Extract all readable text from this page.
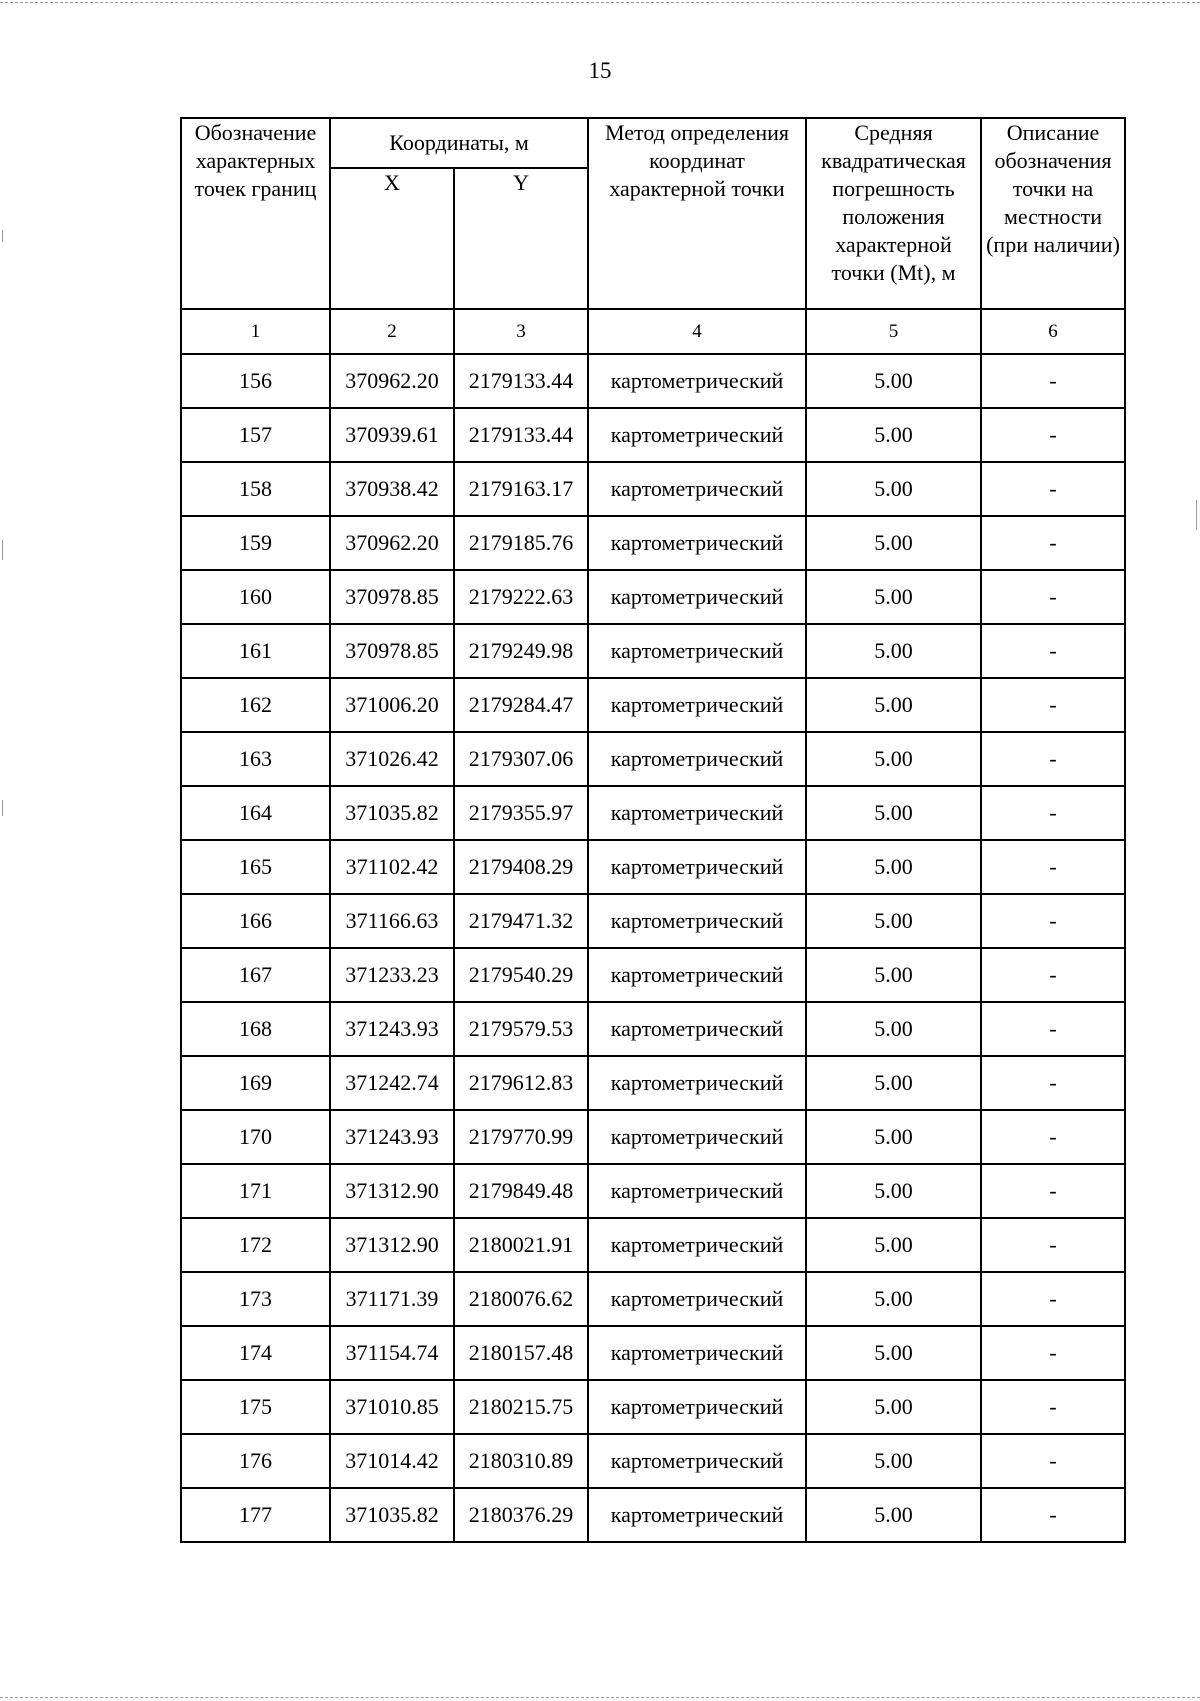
15
Обозначение характерных точек границ	Координаты, м		Метод определения координат характерной точки	Средняя квадратическая погрешность положения характерной точки (Mt), м	Описание обозначения точки на местности (при наличии)
	X	Y			
1	2	3	4	5	6
156	370962.20	2179133.44	картометрический	5.00	-
157	370939.61	2179133.44	картометрический	5.00	-
158	370938.42	2179163.17	картометрический	5.00	-
159	370962.20	2179185.76	картометрический	5.00	-
160	370978.85	2179222.63	картометрический	5.00	-
161	370978.85	2179249.98	картометрический	5.00	-
162	371006.20	2179284.47	картометрический	5.00	-
163	371026.42	2179307.06	картометрический	5.00	-
164	371035.82	2179355.97	картометрический	5.00	-
165	371102.42	2179408.29	картометрический	5.00	-
166	371166.63	2179471.32	картометрический	5.00	-
167	371233.23	2179540.29	картометрический	5.00	-
168	371243.93	2179579.53	картометрический	5.00	-
169	371242.74	2179612.83	картометрический	5.00	-
170	371243.93	2179770.99	картометрический	5.00	-
171	371312.90	2179849.48	картометрический	5.00	-
172	371312.90	2180021.91	картометрический	5.00	-
173	371171.39	2180076.62	картометрический	5.00	-
174	371154.74	2180157.48	картометрический	5.00	-
175	371010.85	2180215.75	картометрический	5.00	-
176	371014.42	2180310.89	картометрический	5.00	-
177	371035.82	2180376.29	картометрический	5.00	-
